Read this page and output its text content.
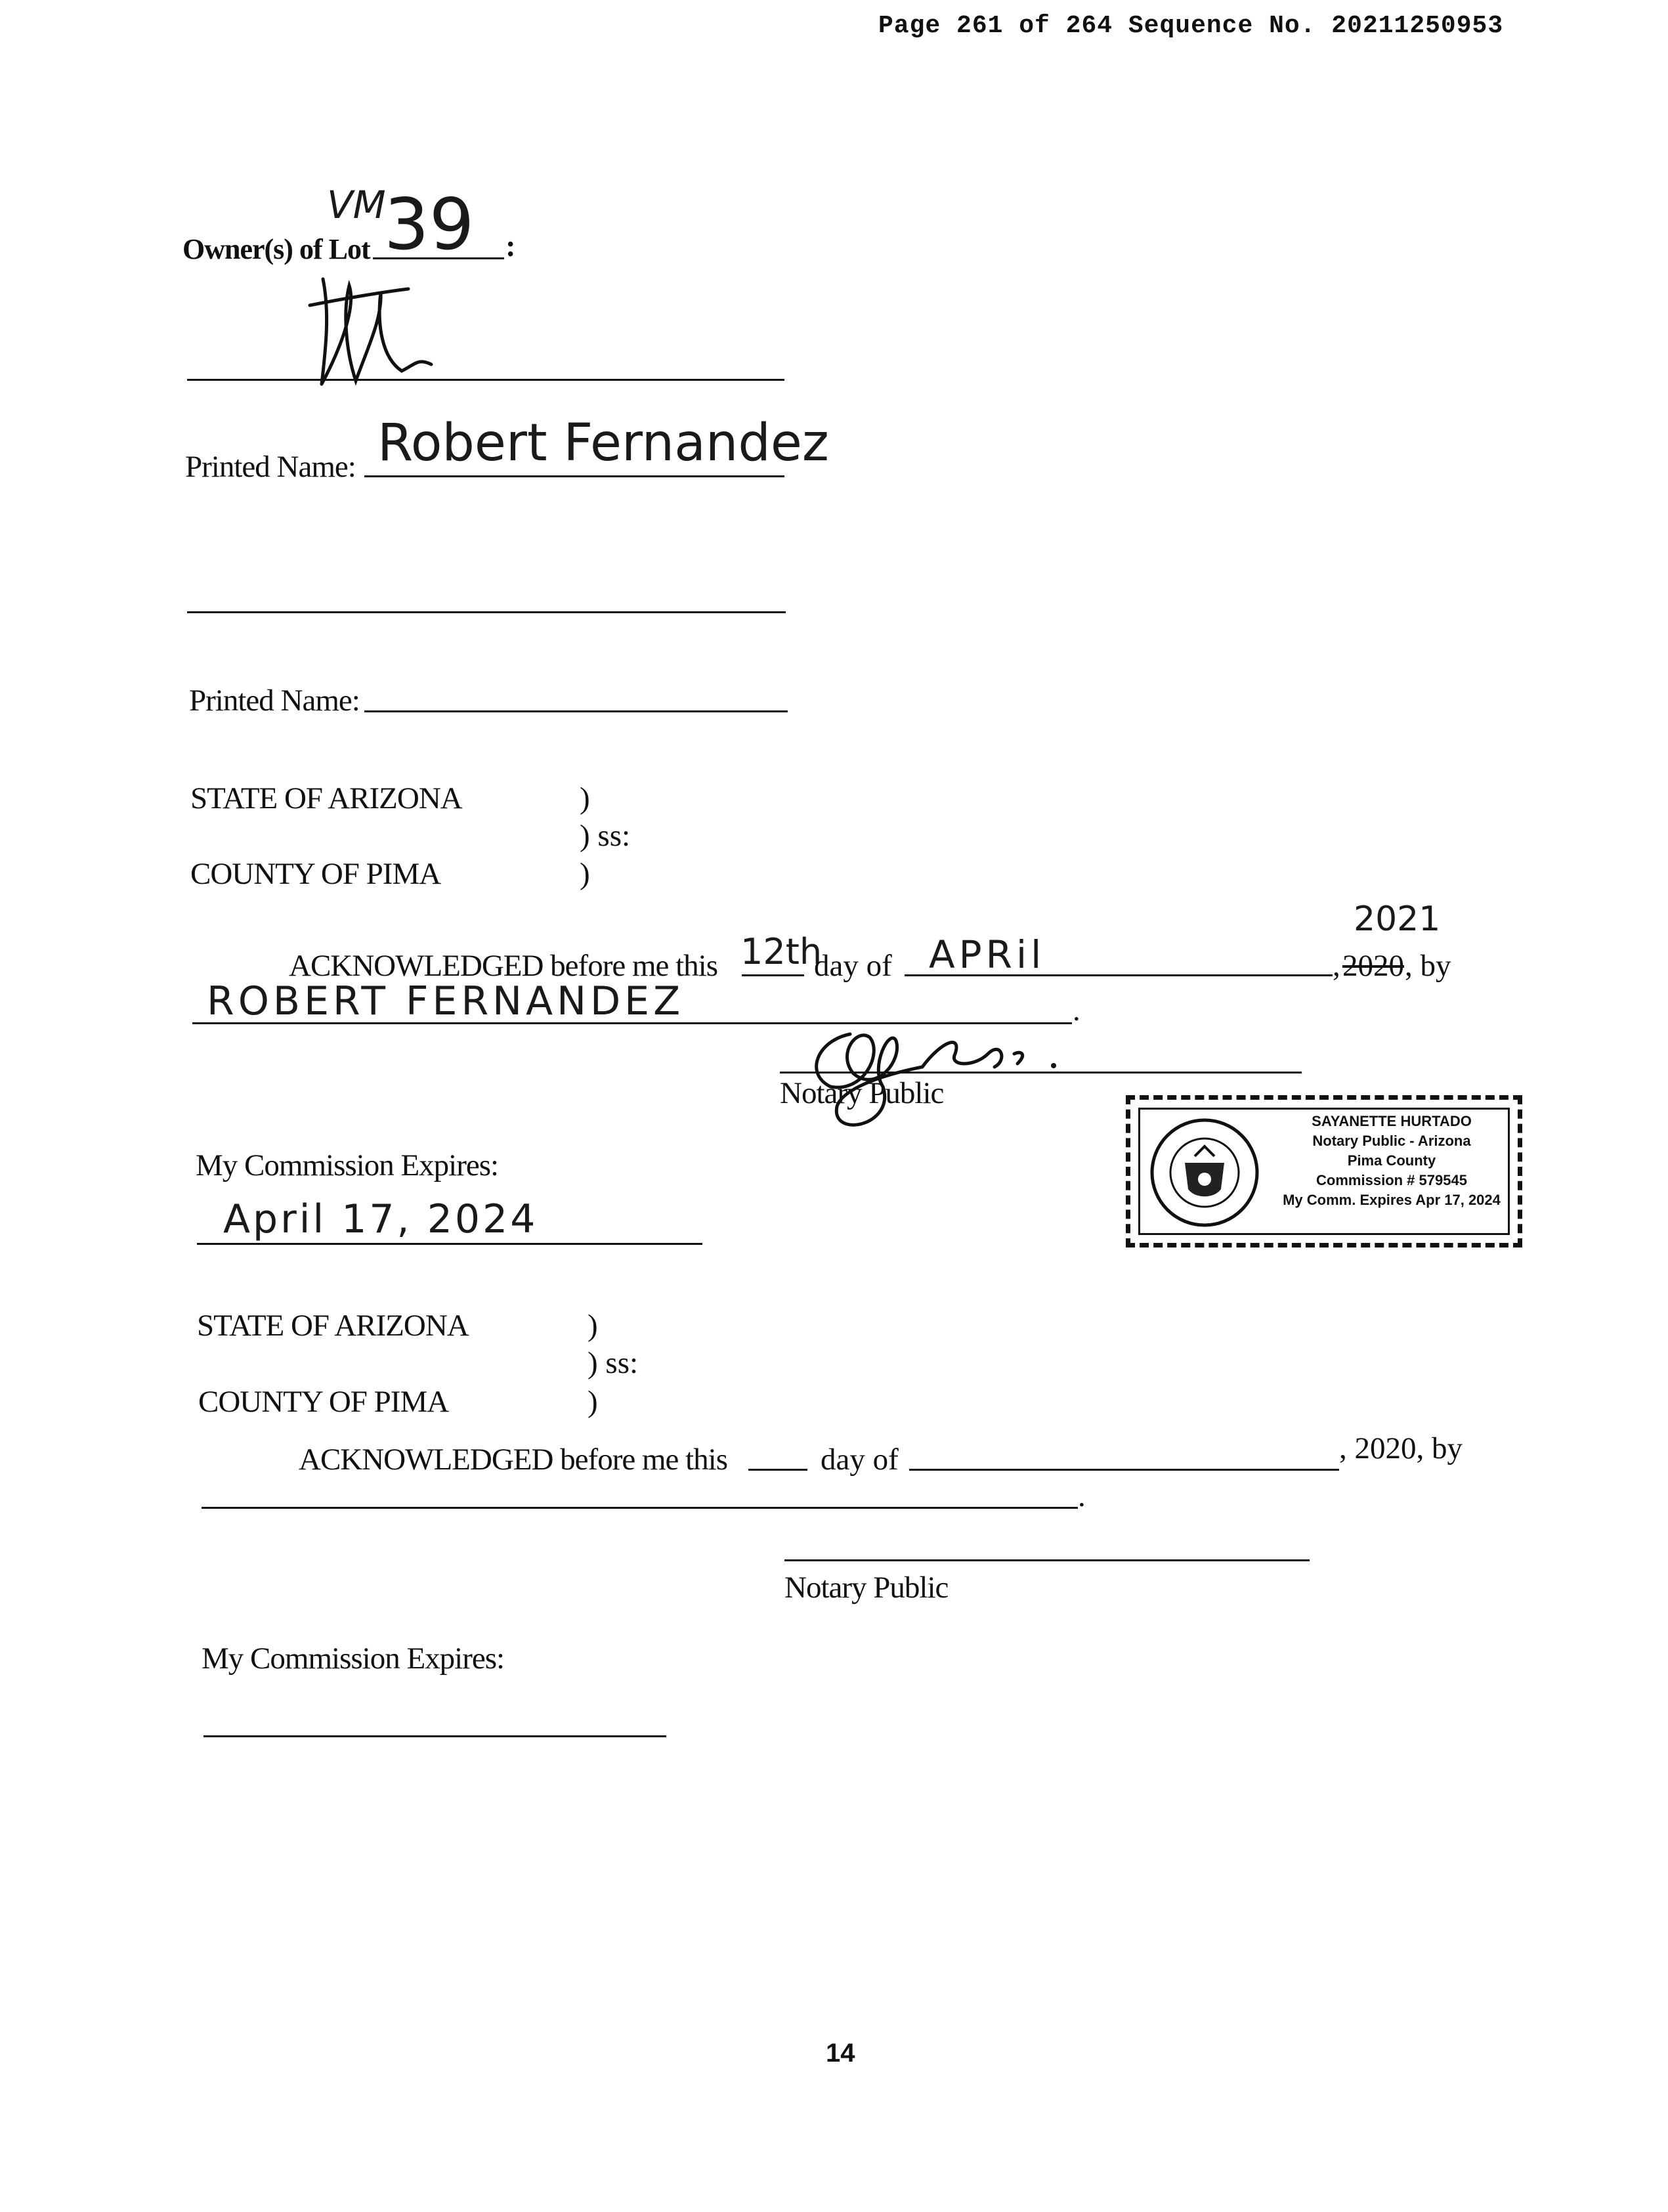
Page 261 of 264 Sequence No. 20211250953
VM
Owner(s) of Lot 39 :
Printed Name: Robert Fernandez
Printed Name:
STATE OF ARIZONA	)
) ss:
COUNTY OF PIMA	)
ACKNOWLEDGED before me this 12th
day of APRil	,
2021
2020 , by
ROBERT FERNANDEZ	.
Notary Public
My Commission Expires:
April 17, 2024
SAYANETTE HURTADO
Notary Public - Arizona
Pima County
Commission # 579545
My Comm. Expires Apr 17, 2024
STATE OF ARIZONA	)
) ss:
COUNTY OF PIMA	)
ACKNOWLEDGED before me this	day of	, 2020, by
.
Notary Public
My Commission Expires:
14
